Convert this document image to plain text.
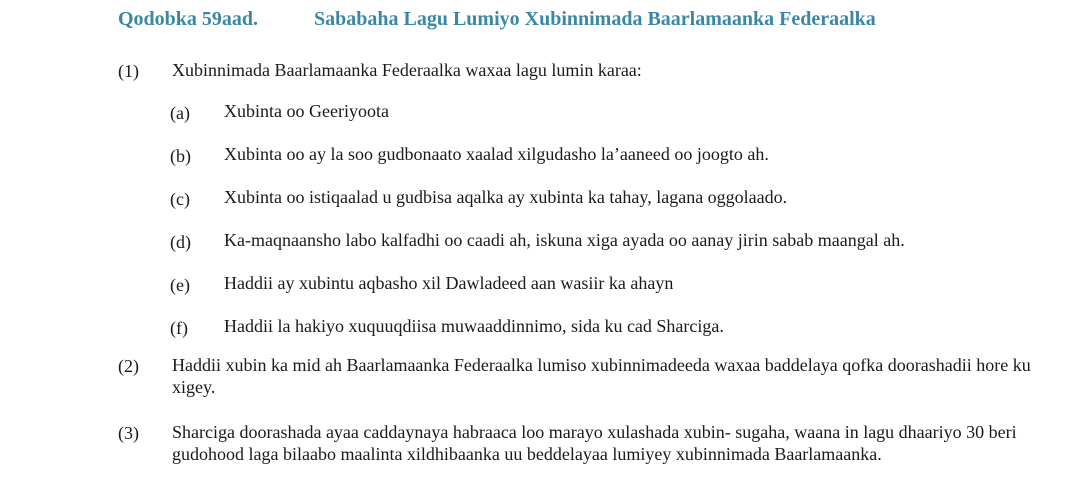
Qodobka 59aad.	Sababaha Lagu Lumiyo Xubinnimada Baarlamaanka Federaalka
(1) Xubinnimada Baarlamaanka Federaalka waxaa lagu lumin karaa:
(a) Xubinta oo Geeriyoota
(b) Xubinta oo ay la soo gudbonaato xaalad xilgudasho la’aaneed oo joogto ah.
(c) Xubinta oo istiqaalad u gudbisa aqalka ay xubinta ka tahay, lagana oggolaado.
(d) Ka-maqnaansho labo kalfadhi oo caadi ah, iskuna xiga ayada oo aanay jirin sabab maangal ah.
(e) Haddii ay xubintu aqbasho xil Dawladeed aan wasiir ka ahayn
(f) Haddii la hakiyo xuquuqdiisa muwaaddinnimo, sida ku cad Sharciga.
(2) Haddii xubin ka mid ah Baarlamaanka Federaalka lumiso xubinnimadeeda waxaa baddelaya qofka doorashadii hore ku xigey.
(3) Sharciga doorashada ayaa caddaynaya habraaca loo marayo xulashada xubin- sugaha, waana in lagu dhaariyo 30 beri gudohood laga bilaabo maalinta xildhibaanka uu beddelayaa lumiyey xubinnimada Baarlamaanka.
